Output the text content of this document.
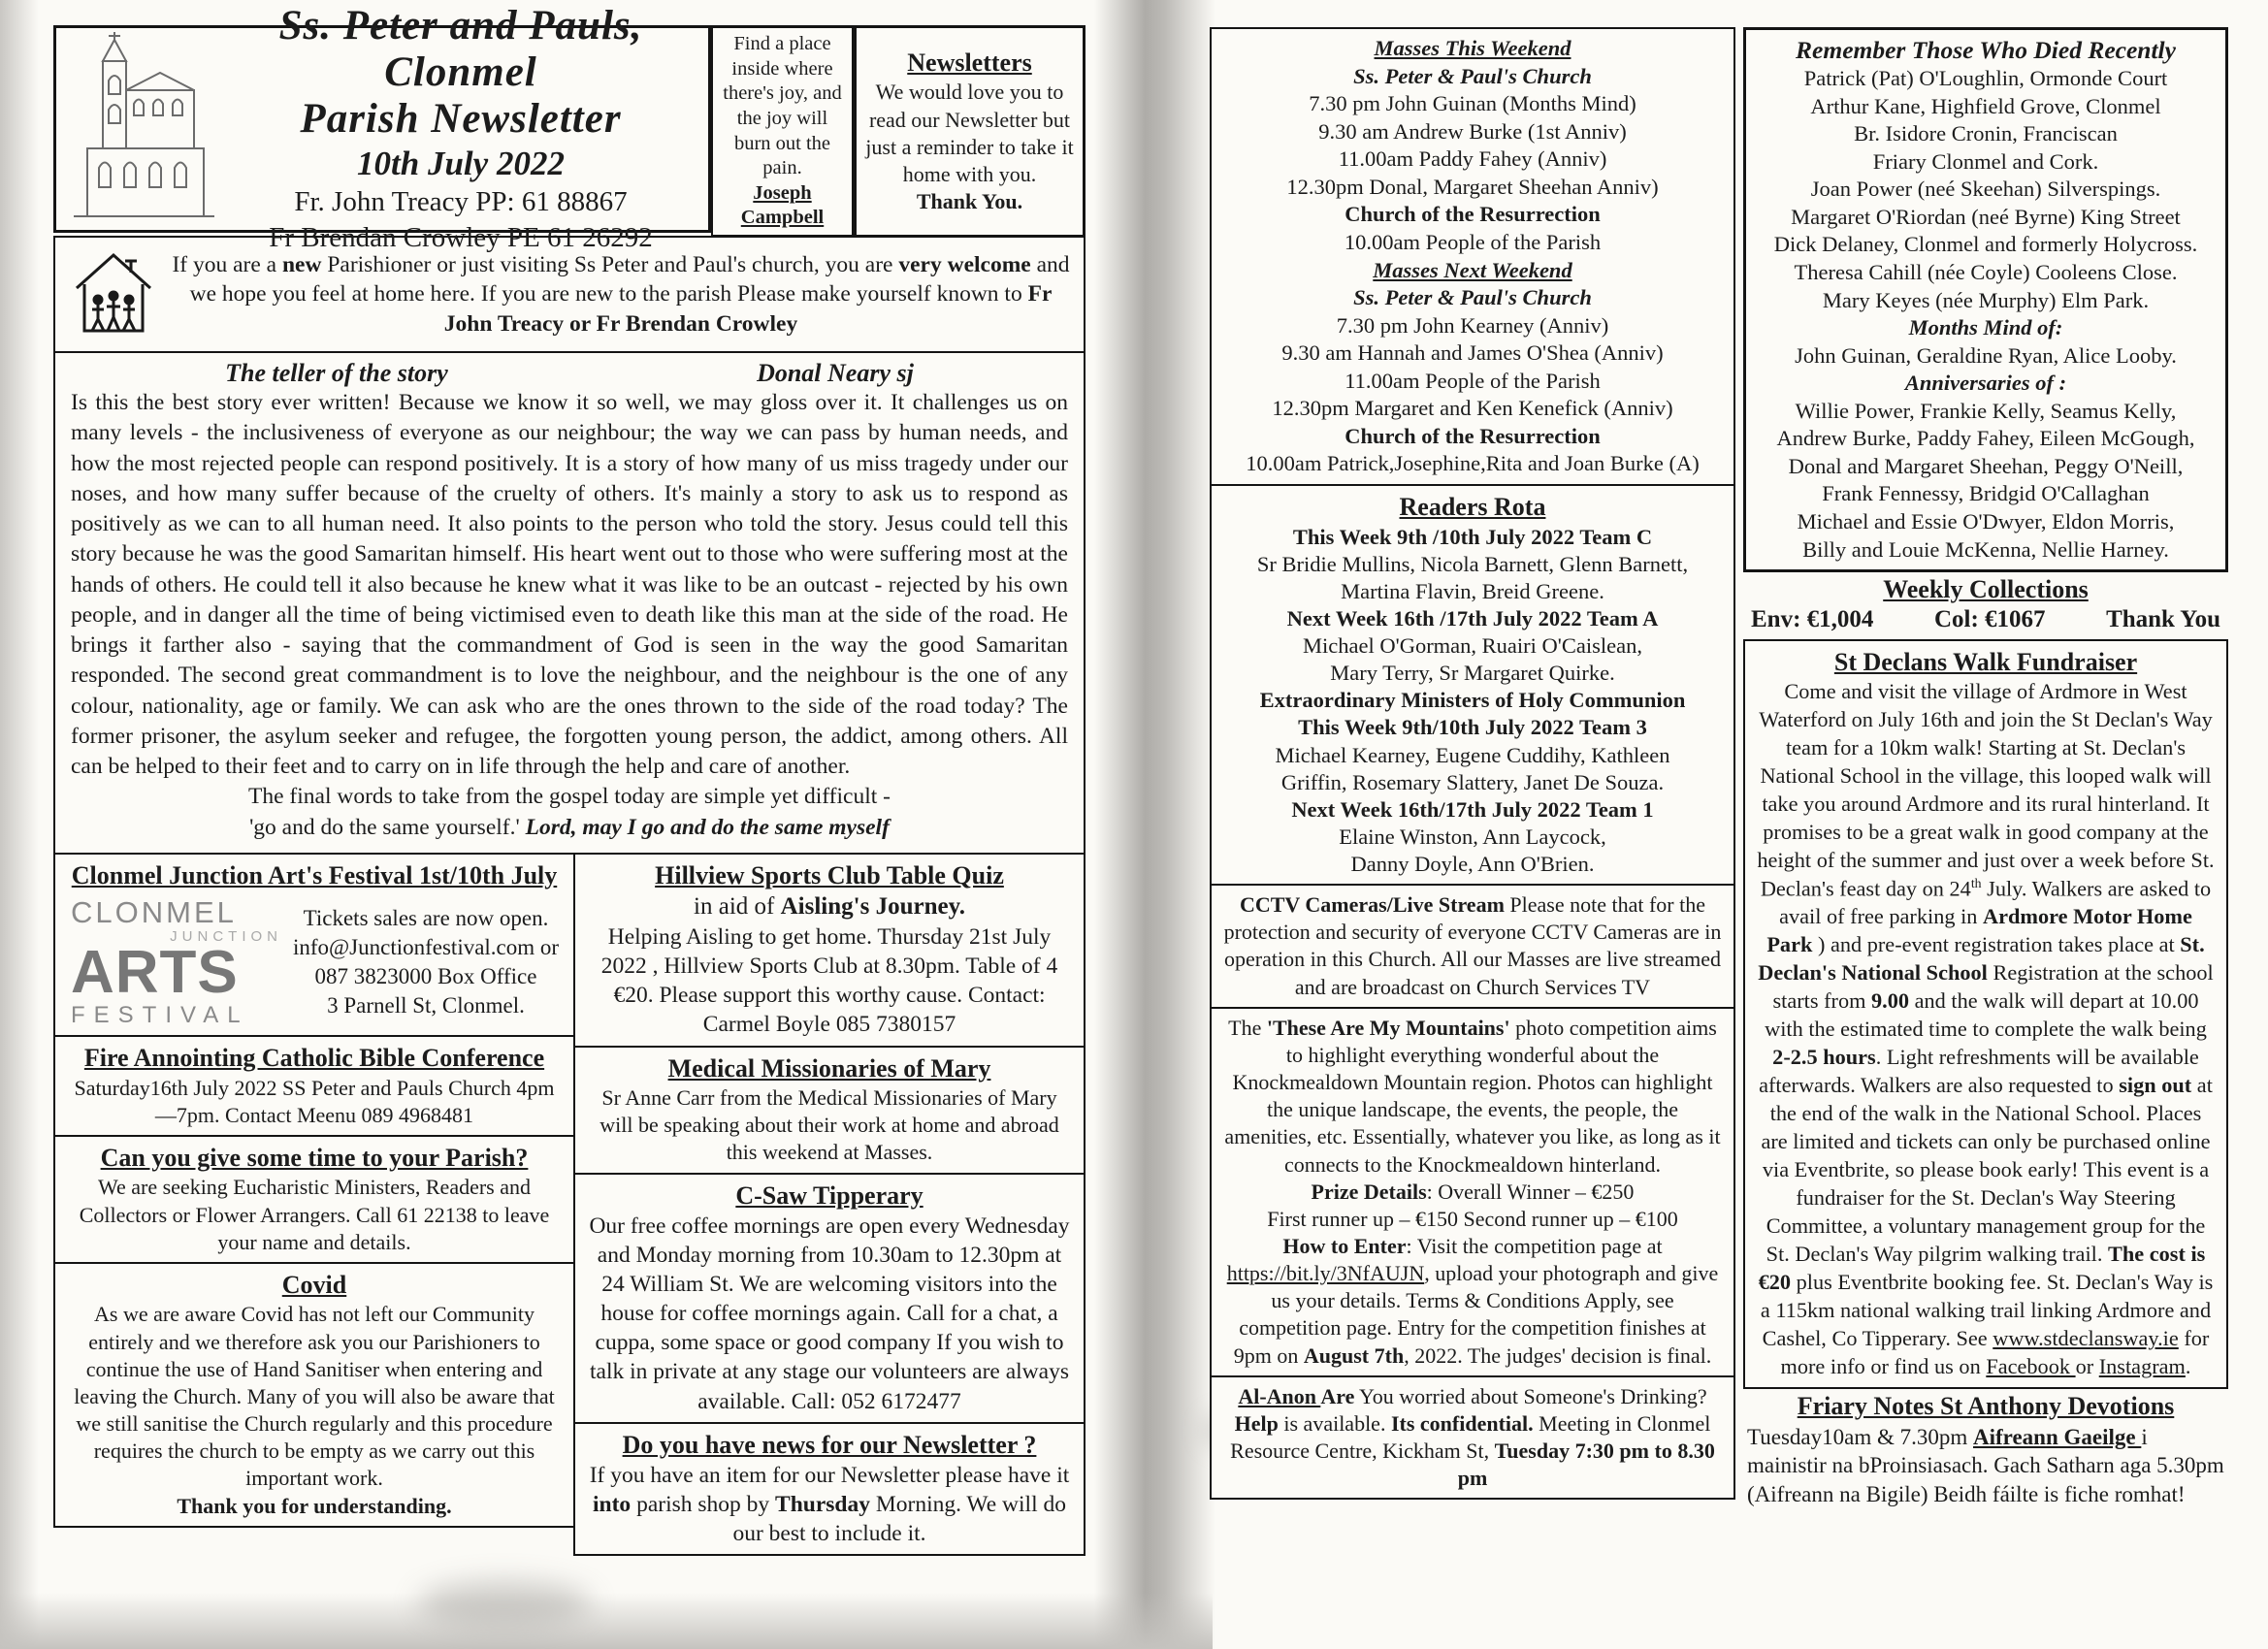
Ss. Peter and Pauls, Clonmel
Parish Newsletter
10th July 2022
Fr. John Treacy PP: 61 88867
Fr Brendan Crowley PE 61 26292
Find a place inside where there's joy, and the joy will burn out the pain.
Joseph Campbell
Newsletters
We would love you to read our Newsletter but just a reminder to take it home with you.
Thank You.
If you are a new Parishioner or just visiting Ss Peter and Paul's church, you are very welcome and we hope you feel at home here. If you are new to the parish Please make yourself known to Fr John Treacy or Fr Brendan Crowley
The teller of the story	Donal Neary sj
Is this the best story ever written! Because we know it so well, we may gloss over it. It challenges us on many levels - the inclusiveness of everyone as our neighbour; the way we can pass by human needs, and how the most rejected people can respond positively. It is a story of how many of us miss tragedy under our noses, and how many suffer because of the cruelty of others. It's mainly a story to ask us to respond as positively as we can to all human need. It also points to the person who told the story. Jesus could tell this story because he was the good Samaritan himself. His heart went out to those who were suffering most at the hands of others. He could tell it also because he knew what it was like to be an outcast - rejected by his own people, and in danger all the time of being victimised even to death like this man at the side of the road. He brings it farther also - saying that the commandment of God is seen in the way the good Samaritan responded. The second great commandment is to love the neighbour, and the neighbour is the one of any colour, nationality, age or family. We can ask who are the ones thrown to the side of the road today? The former prisoner, the asylum seeker and refugee, the forgotten young person, the addict, among others. All can be helped to their feet and to carry on in life through the help and care of another.
The final words to take from the gospel today are simple yet difficult -
'go and do the same yourself.' Lord, may I go and do the same myself
Clonmel Junction Art's Festival 1st/10th July
CLONMEL
JUNCTION
ARTS
FESTIVAL
Tickets sales are now open.
info@Junctionfestival.com or
087 3823000 Box Office
3 Parnell St, Clonmel.
Fire Annointing Catholic Bible Conference
Saturday16th July 2022 SS Peter and Pauls Church 4pm—7pm. Contact Meenu 089 4968481
Can you give some time to your Parish?
We are seeking Eucharistic Ministers, Readers and Collectors or Flower Arrangers. Call 61 22138 to leave your name and details.
Covid
As we are aware Covid has not left our Community entirely and we therefore ask you our Parishioners to continue the use of Hand Sanitiser when entering and leaving the Church. Many of you will also be aware that we still sanitise the Church regularly and this procedure requires the church to be empty as we carry out this important work.
Thank you for understanding.
Hillview Sports Club Table Quiz
in aid of Aisling's Journey.
Helping Aisling to get home. Thursday 21st July 2022 , Hillview Sports Club at 8.30pm. Table of 4 €20. Please support this worthy cause. Contact: Carmel Boyle 085 7380157
Medical Missionaries of Mary
Sr Anne Carr from the Medical Missionaries of Mary will be speaking about their work at home and abroad this weekend at Masses.
C-Saw Tipperary
Our free coffee mornings are open every Wednesday and Monday morning from 10.30am to 12.30pm at 24 William St. We are welcoming visitors into the house for coffee mornings again. Call for a chat, a cuppa, some space or good company If you wish to talk in private at any stage our volunteers are always available. Call: 052 6172477
Do you have news for our Newsletter ?
If you have an item for our Newsletter please have it into parish shop by Thursday Morning. We will do our best to include it.
Masses This Weekend
Ss. Peter & Paul's Church
7.30 pm John Guinan (Months Mind)
9.30 am Andrew Burke (1st Anniv)
11.00am Paddy Fahey (Anniv)
12.30pm Donal, Margaret Sheehan Anniv)
Church of the Resurrection
10.00am People of the Parish
Masses Next Weekend
Ss. Peter & Paul's Church
7.30 pm John Kearney (Anniv)
9.30 am Hannah and James O'Shea (Anniv)
11.00am People of the Parish
12.30pm Margaret and Ken Kenefick (Anniv)
Church of the Resurrection
10.00am Patrick,Josephine,Rita and Joan Burke (A)
Readers Rota
This Week 9th /10th July 2022 Team C
Sr Bridie Mullins, Nicola Barnett, Glenn Barnett,
Martina Flavin, Breid Greene.
Next Week 16th /17th July 2022 Team A
Michael O'Gorman, Ruairi O'Caislean,
Mary Terry, Sr Margaret Quirke.
Extraordinary Ministers of Holy Communion
This Week 9th/10th July 2022 Team 3
Michael Kearney, Eugene Cuddihy, Kathleen
Griffin, Rosemary Slattery, Janet De Souza.
Next Week 16th/17th July 2022 Team 1
Elaine Winston, Ann Laycock,
Danny Doyle, Ann O'Brien.
CCTV Cameras/Live Stream Please note that for the protection and security of everyone CCTV Cameras are in operation in this Church. All our Masses are live streamed and are broadcast on Church Services TV
The 'These Are My Mountains' photo competition aims to highlight everything wonderful about the Knockmealdown Mountain region. Photos can highlight the unique landscape, the events, the people, the amenities, etc. Essentially, whatever you like, as long as it connects to the Knockmealdown hinterland.
Prize Details: Overall Winner – €250
First runner up – €150 Second runner up – €100
How to Enter: Visit the competition page at https://bit.ly/3NfAUJN, upload your photograph and give us your details. Terms & Conditions Apply, see competition page. Entry for the competition finishes at 9pm on August 7th, 2022. The judges' decision is final.
Al-Anon Are You worried about Someone's Drinking? Help is available. Its confidential. Meeting in Clonmel Resource Centre, Kickham St, Tuesday 7:30 pm to 8.30 pm
Remember Those Who Died Recently
Patrick (Pat) O'Loughlin, Ormonde Court
Arthur Kane, Highfield Grove, Clonmel
Br. Isidore Cronin, Franciscan
Friary Clonmel and Cork.
Joan Power (neé Skeehan) Silverspings.
Margaret O'Riordan (neé Byrne) King Street
Dick Delaney, Clonmel and formerly Holycross.
Theresa Cahill (née Coyle) Cooleens Close.
Mary Keyes (née Murphy) Elm Park.
Months Mind of:
John Guinan, Geraldine Ryan, Alice Looby.
Anniversaries of :
Willie Power, Frankie Kelly, Seamus Kelly,
Andrew Burke, Paddy Fahey, Eileen McGough,
Donal and Margaret Sheehan, Peggy O'Neill,
Frank Fennessy, Bridgid O'Callaghan
Michael and Essie O'Dwyer, Eldon Morris,
Billy and Louie McKenna, Nellie Harney.
Weekly Collections
Env: €1,004	Col: €1067	Thank You
St Declans Walk Fundraiser
Come and visit the village of Ardmore in West Waterford on July 16th and join the St Declan's Way team for a 10km walk! Starting at St. Declan's National School in the village, this looped walk will take you around Ardmore and its rural hinterland. It promises to be a great walk in good company at the height of the summer and just over a week before St. Declan's feast day on 24th July. Walkers are asked to avail of free parking in Ardmore Motor Home Park ) and pre-event registration takes place at St. Declan's National School Registration at the school starts from 9.00 and the walk will depart at 10.00 with the estimated time to complete the walk being 2-2.5 hours. Light refreshments will be available afterwards. Walkers are also requested to sign out at the end of the walk in the National School. Places are limited and tickets can only be purchased online via Eventbrite, so please book early! This event is a fundraiser for the St. Declan's Way Steering Committee, a voluntary management group for the St. Declan's Way pilgrim walking trail. The cost is €20 plus Eventbrite booking fee. St. Declan's Way is a 115km national walking trail linking Ardmore and Cashel, Co Tipperary. See www.stdeclansway.ie for more info or find us on Facebook or Instagram.
Friary Notes St Anthony Devotions
Tuesday10am & 7.30pm Aifreann Gaeilge i mainistir na bProinsiasach. Gach Satharn aga 5.30pm (Aifreann na Bigile) Beidh fáilte is fiche romhat!
